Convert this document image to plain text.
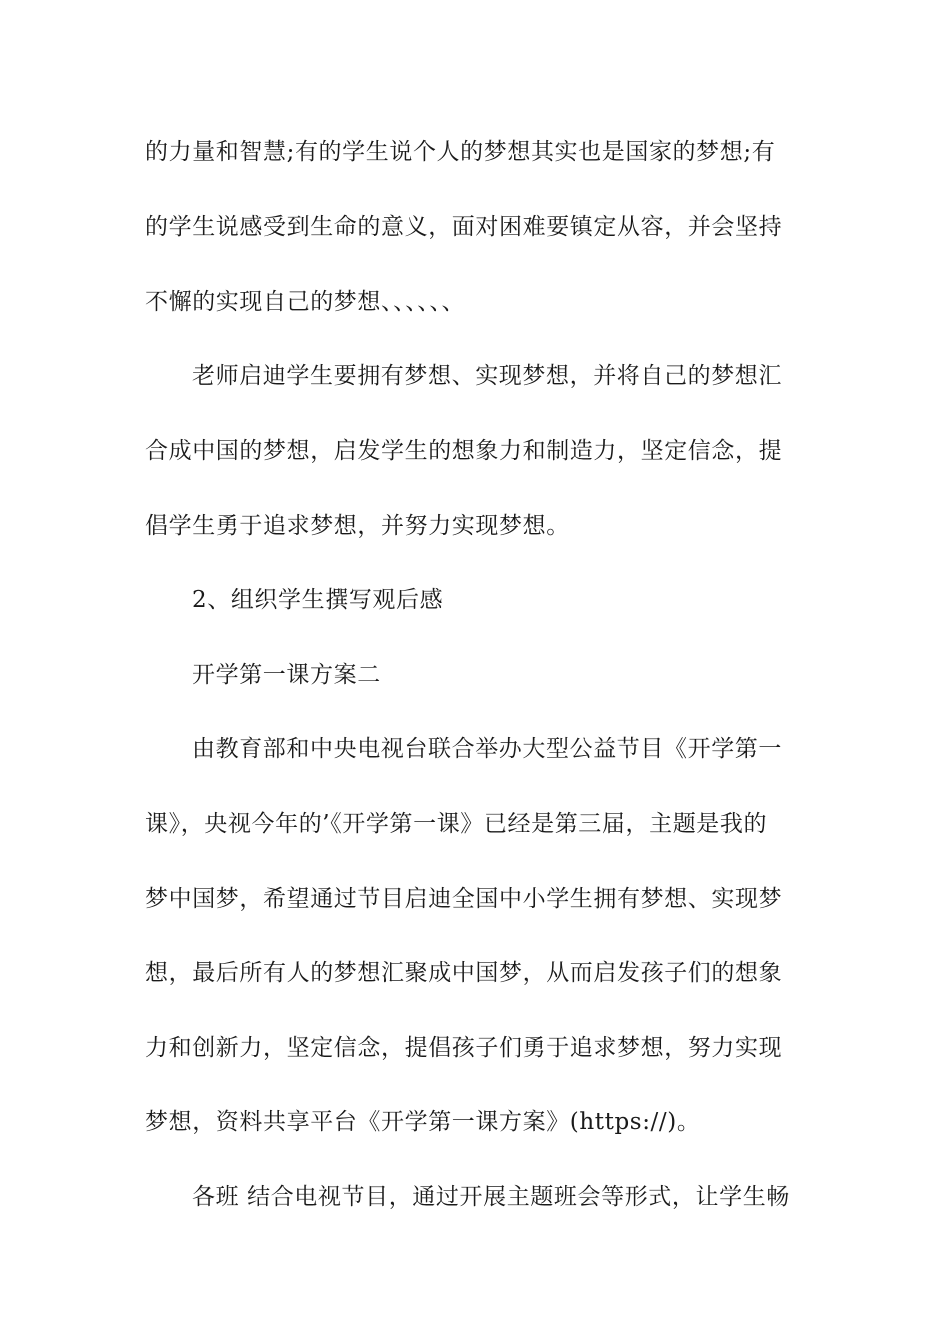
的力量和智慧;有的学生说个人的梦想其实也是国家的梦想;有
的学生说感受到生命的意义，面对困难要镇定从容，并会坚持
不懈的实现自己的梦想、、、、、、
老师启迪学生要拥有梦想、实现梦想，并将自己的梦想汇
合成中国的梦想，启发学生的想象力和制造力，坚定信念，提
倡学生勇于追求梦想，并努力实现梦想。
2、组织学生撰写观后感
开学第一课方案二
由教育部和中央电视台联合举办大型公益节目《开学第一
课》，央视今年的’《开学第一课》已经是第三届，主题是我的
梦中国梦，希望通过节目启迪全国中小学生拥有梦想、实现梦
想，最后所有人的梦想汇聚成中国梦，从而启发孩子们的想象
力和创新力，坚定信念，提倡孩子们勇于追求梦想，努力实现
梦想，资料共享平台《开学第一课方案》(https://)。
各班 结合电视节目，通过开展主题班会等形式，让学生畅
